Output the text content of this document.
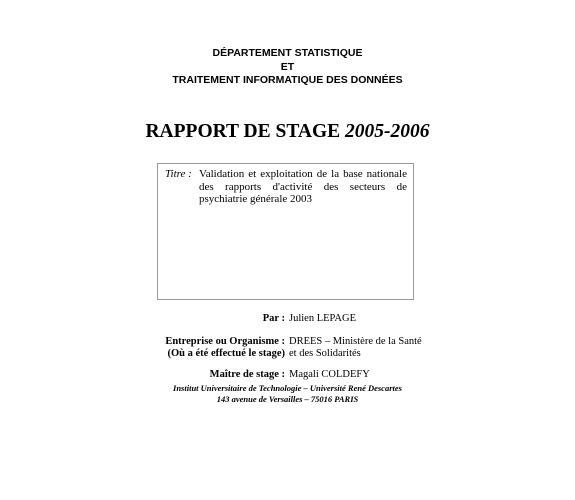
DÉPARTEMENT STATISTIQUE
ET
TRAITEMENT INFORMATIQUE DES DONNÉES
RAPPORT DE STAGE 2005-2006
Titre : Validation et exploitation de la base nationale
des rapports d'activité des secteurs de
psychiatrie générale 2003
Par : Julien LEPAGE
Entreprise ou Organisme :
(Où a été effectué le stage)
DREES – Ministère de la Santé
et des Solidarités
Maître de stage : Magali COLDEFY
Institut Universitaire de Technologie – Université René Descartes
143 avenue de Versailles – 75016 PARIS
